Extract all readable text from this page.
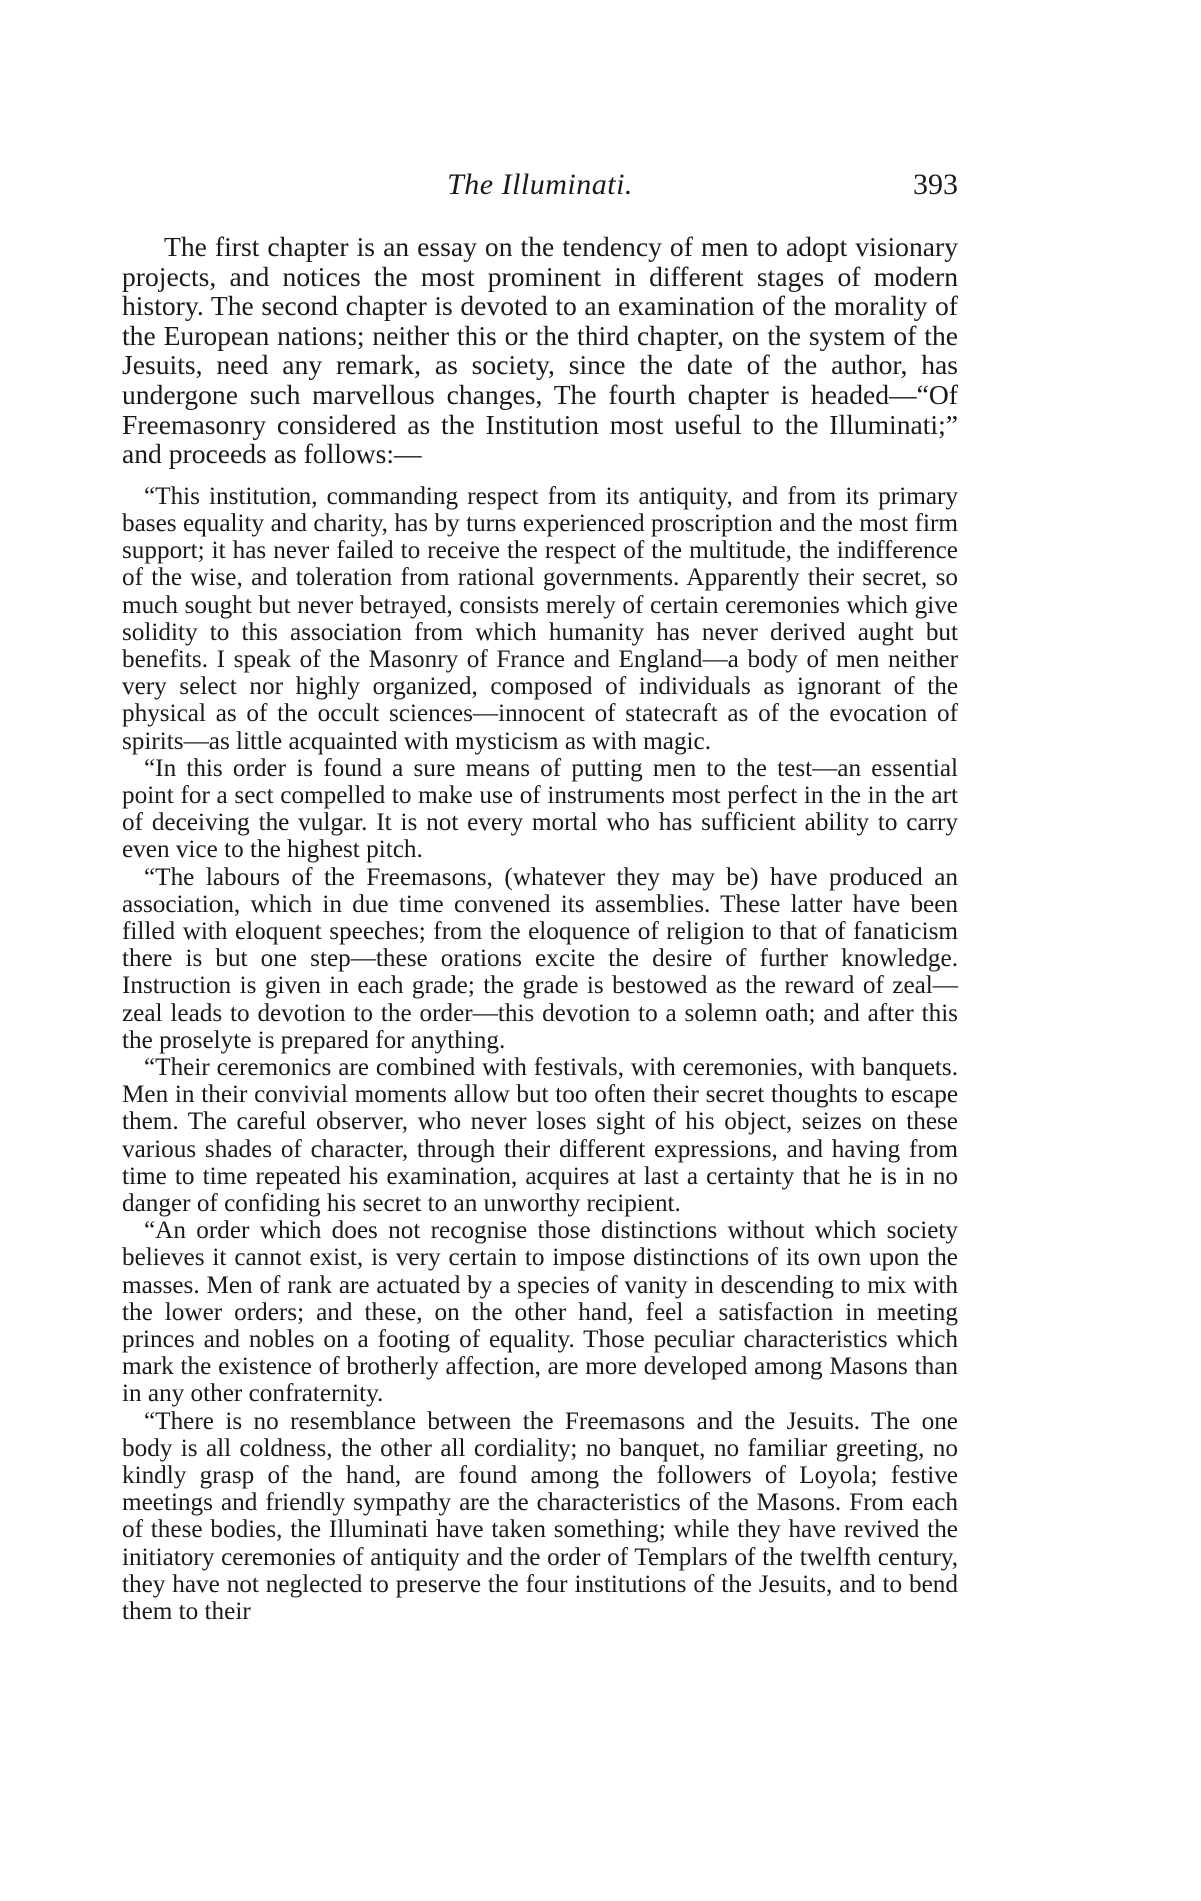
The Illuminati.	393

The first chapter is an essay on the tendency of men to adopt visionary projects, and notices the most prominent in different stages of modern history. The second chapter is devoted to an examination of the morality of the European nations; neither this or the third chapter, on the system of the Jesuits, need any remark, as society, since the date of the author, has undergone such marvellous changes, The fourth chapter is headed—“Of Freemasonry considered as the Institution most useful to the Illuminati;” and proceeds as follows:—

“This institution, commanding respect from its antiquity, and from its primary bases equality and charity, has by turns experienced proscription and the most firm support; it has never failed to receive the respect of the multitude, the indifference of the wise, and toleration from rational governments. Apparently their secret, so much sought but never betrayed, consists merely of certain ceremonies which give solidity to this association from which humanity has never derived aught but benefits. I speak of the Masonry of France and England—a body of men neither very select nor highly organized, composed of individuals as ignorant of the physical as of the occult sciences—innocent of statecraft as of the evocation of spirits—as little acquainted with mysticism as with magic.

“In this order is found a sure means of putting men to the test—an essential point for a sect compelled to make use of instruments most perfect in the in the art of deceiving the vulgar. It is not every mortal who has sufficient ability to carry even vice to the highest pitch.

“The labours of the Freemasons, (whatever they may be) have produced an association, which in due time convened its assemblies. These latter have been filled with eloquent speeches; from the eloquence of religion to that of fanaticism there is but one step—these orations excite the desire of further knowledge. Instruction is given in each grade; the grade is bestowed as the reward of zeal—zeal leads to devotion to the order—this devotion to a solemn oath; and after this the proselyte is prepared for anything.

“Their ceremonics are combined with festivals, with ceremonies, with banquets. Men in their convivial moments allow but too often their secret thoughts to escape them. The careful observer, who never loses sight of his object, seizes on these various shades of character, through their different expressions, and having from time to time repeated his examination, acquires at last a certainty that he is in no danger of confiding his secret to an unworthy recipient.

“An order which does not recognise those distinctions without which society believes it cannot exist, is very certain to impose distinctions of its own upon the masses. Men of rank are actuated by a species of vanity in descending to mix with the lower orders; and these, on the other hand, feel a satisfaction in meeting princes and nobles on a footing of equality. Those peculiar characteristics which mark the existence of brotherly affection, are more developed among Masons than in any other confraternity.

“There is no resemblance between the Freemasons and the Jesuits. The one body is all coldness, the other all cordiality; no banquet, no familiar greeting, no kindly grasp of the hand, are found among the followers of Loyola; festive meetings and friendly sympathy are the characteristics of the Masons. From each of these bodies, the Illuminati have taken something; while they have revived the initiatory ceremonies of antiquity and the order of Templars of the twelfth century, they have not neglected to preserve the four institutions of the Jesuits, and to bend them to their
